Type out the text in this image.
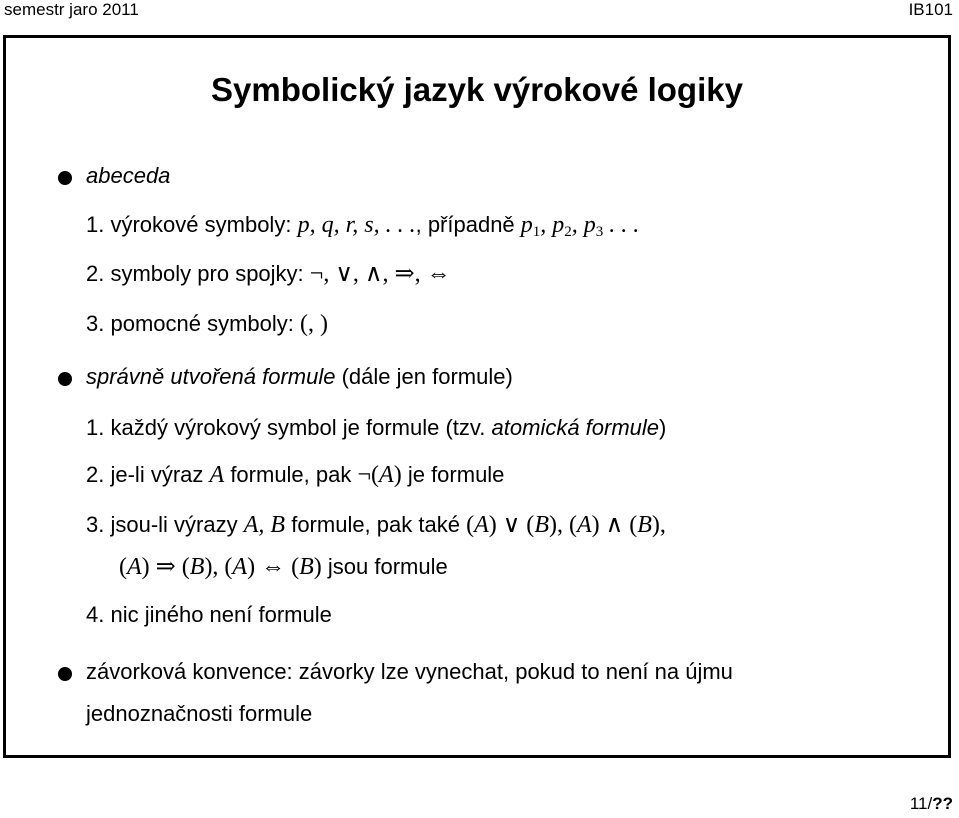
semestr jaro 2011	IB101
Symbolický jazyk výrokové logiky
abeceda
1. výrokové symboly: p, q, r, s, . . ., případně $p_1$, $p_2$, $p_3$ . . .
2. symboly pro spojky: ¬, ∨, ∧, ⇒, ⇔
3. pomocné symboly: (, )
správně utvořená formule (dále jen formule)
1. každý výrokový symbol je formule (tzv. atomická formule)
2. je-li výraz A formule, pak ¬(A) je formule
3. jsou-li výrazy A, B formule, pak také (A) ∨ (B), (A) ∧ (B),
(A) ⇒ (B), (A) ⇔ (B) jsou formule
4. nic jiného není formule
závorková konvence: závorky lze vynechat, pokud to není na újmu
jednoznačnosti formule
11/??
